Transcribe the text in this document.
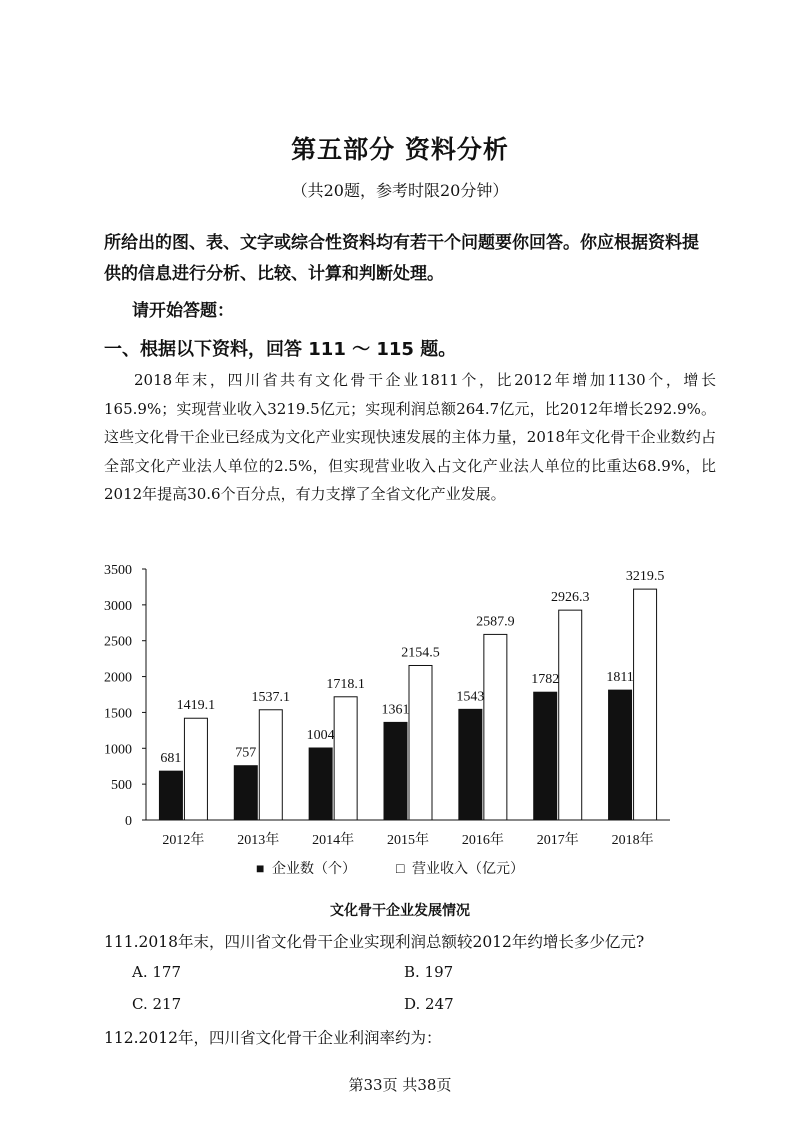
第五部分 资料分析
（共20题，参考时限20分钟）
所给出的图、表、文字或综合性资料均有若干个问题要你回答。你应根据资料提供的信息进行分析、比较、计算和判断处理。
请开始答题：
一、根据以下资料，回答 111 ～ 115 题。
2018年末，四川省共有文化骨干企业1811个，比2012年增加1130个，增长165.9%；实现营业收入3219.5亿元；实现利润总额264.7亿元，比2012年增长292.9%。这些文化骨干企业已经成为文化产业实现快速发展的主体力量，2018年文化骨干企业数约占全部文化产业法人单位的2.5%，但实现营业收入占文化产业法人单位的比重达68.9%，比2012年提高30.6个百分点，有力支撑了全省文化产业发展。
0
500
1000
1500
2000
2500
3000
3500
2012年
681
1419.1
2013年
757
1537.1
2014年
1004
1718.1
2015年
1361
2154.5
2016年
1543
2587.9
2017年
1782
2926.3
2018年
1811
3219.5
■ 企业数（个）	□ 营业收入（亿元）
文化骨干企业发展情况
111.2018年末，四川省文化骨干企业实现利润总额较2012年约增长多少亿元?
A. 177	B. 197
C. 217	D. 247
112.2012年，四川省文化骨干企业利润率约为：
第33页 共38页
